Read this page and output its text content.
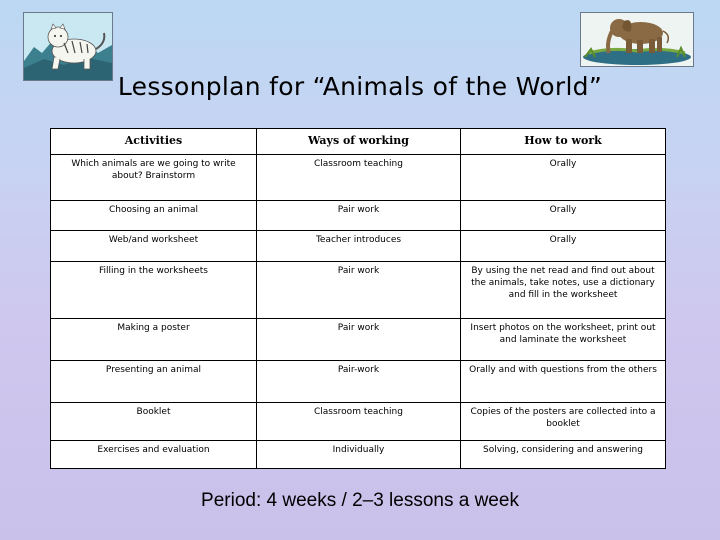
Lessonplan for “Animals of the World”
Activities	Ways of working	How to work
Which animals are we going to write about? Brainstorm	Classroom teaching	Orally
Choosing an animal	Pair work	Orally
Web/and worksheet	Teacher introduces	Orally
Filling in the worksheets	Pair work	By using the net read and find out about the animals, take notes, use a dictionary and fill in the worksheet
Making a poster	Pair work	Insert photos on the worksheet, print out and laminate the worksheet
Presenting an animal	Pair-work	Orally and with questions from the others
Booklet	Classroom teaching	Copies of the posters are collected into a booklet
Exercises and evaluation	Individually	Solving, considering and answering
Period: 4 weeks / 2–3 lessons a week
